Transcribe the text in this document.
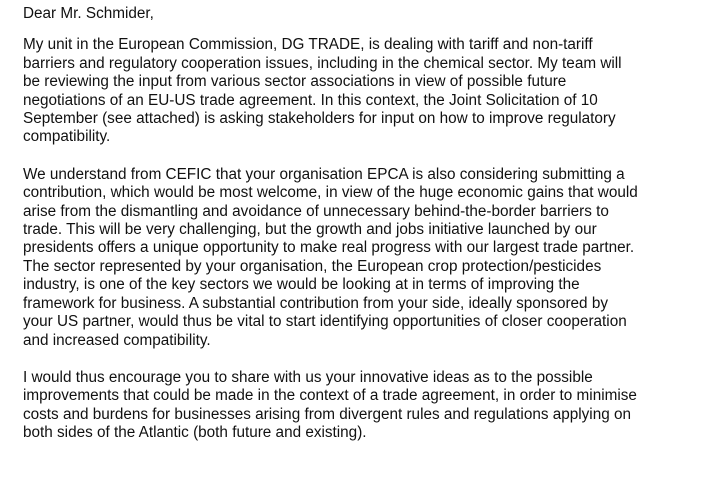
Dear Mr. Schmider,
My unit in the European Commission, DG TRADE, is dealing with tariff and non-tariff
barriers and regulatory cooperation issues, including in the chemical sector. My team will
be reviewing the input from various sector associations in view of possible future
negotiations of an EU-US trade agreement. In this context, the Joint Solicitation of 10
September (see attached) is asking stakeholders for input on how to improve regulatory
compatibility.
We understand from CEFIC that your organisation EPCA is also considering submitting a
contribution, which would be most welcome, in view of the huge economic gains that would
arise from the dismantling and avoidance of unnecessary behind-the-border barriers to
trade. This will be very challenging, but the growth and jobs initiative launched by our
presidents offers a unique opportunity to make real progress with our largest trade partner.
The sector represented by your organisation, the European crop protection/pesticides
industry, is one of the key sectors we would be looking at in terms of improving the
framework for business. A substantial contribution from your side, ideally sponsored by
your US partner, would thus be vital to start identifying opportunities of closer cooperation
and increased compatibility.
I would thus encourage you to share with us your innovative ideas as to the possible
improvements that could be made in the context of a trade agreement, in order to minimise
costs and burdens for businesses arising from divergent rules and regulations applying on
both sides of the Atlantic (both future and existing).
